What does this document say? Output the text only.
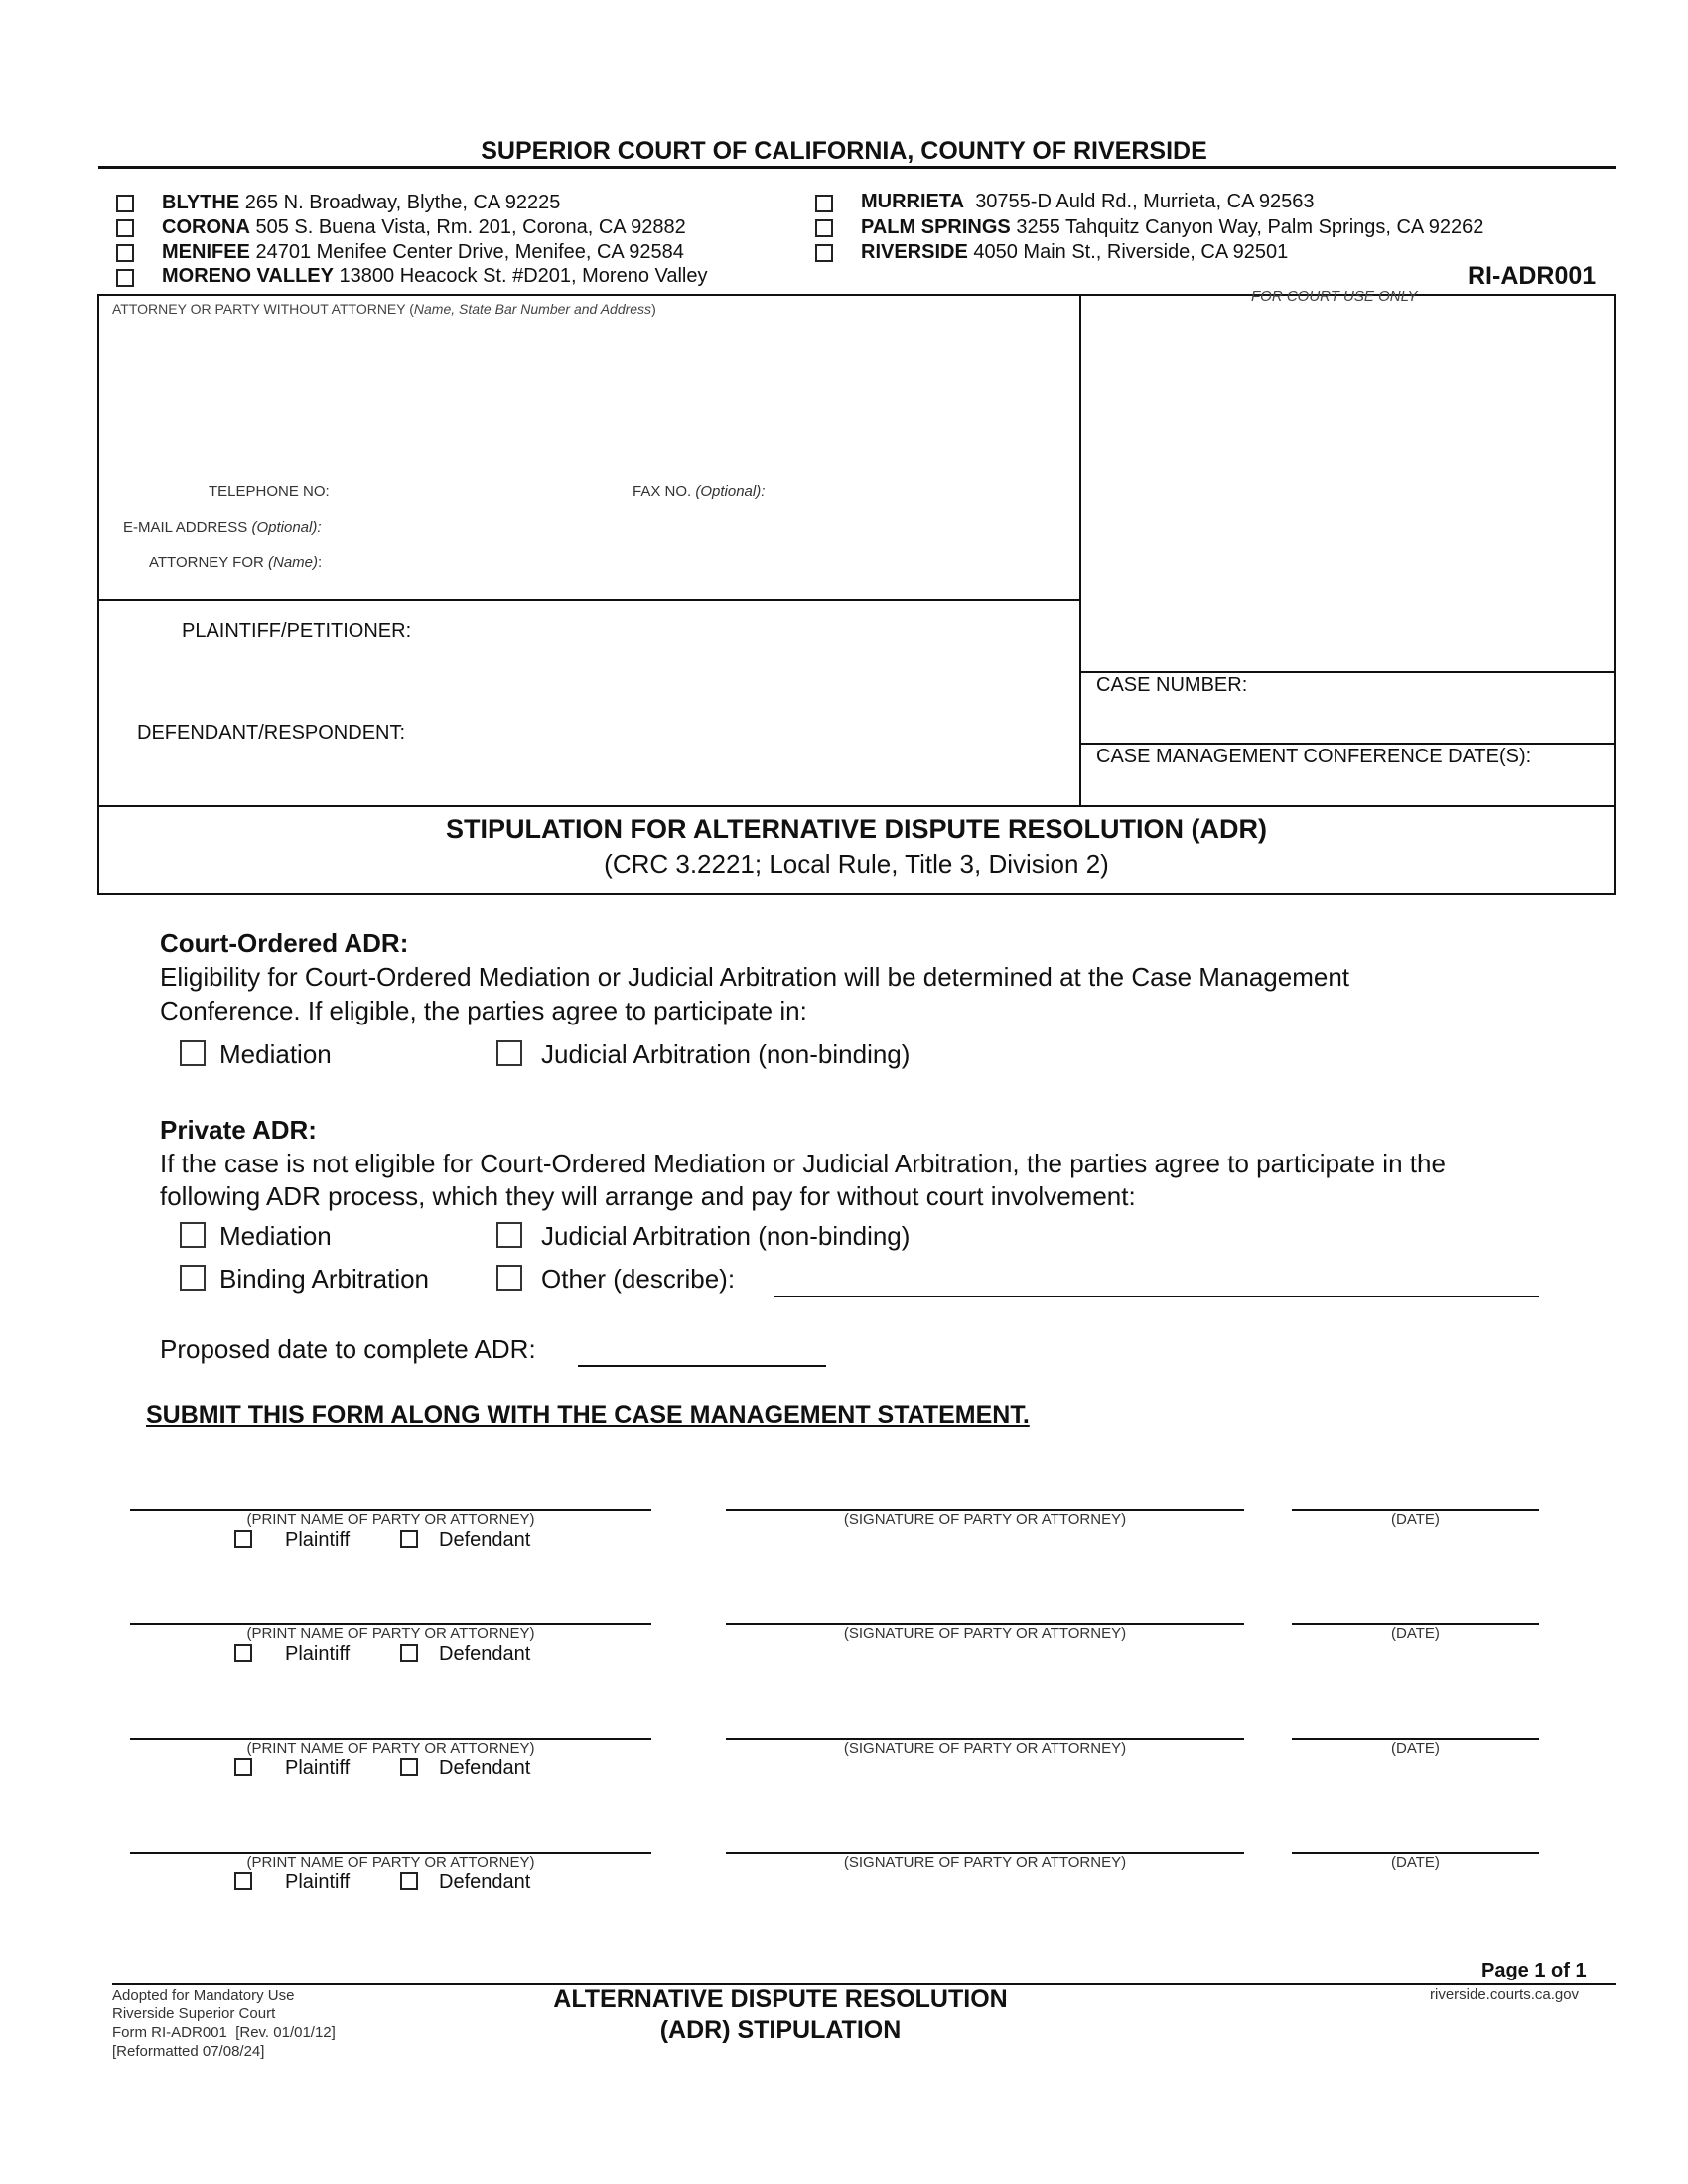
SUPERIOR COURT OF CALIFORNIA, COUNTY OF RIVERSIDE
BLYTHE 265 N. Broadway, Blythe, CA 92225
CORONA 505 S. Buena Vista, Rm. 201, Corona, CA 92882
MENIFEE 24701 Menifee Center Drive, Menifee, CA 92584
MORENO VALLEY 13800 Heacock St. #D201, Moreno Valley
MURRIETA 30755-D Auld Rd., Murrieta, CA 92563
PALM SPRINGS 3255 Tahquitz Canyon Way, Palm Springs, CA 92262
RIVERSIDE 4050 Main St., Riverside, CA 92501
RI-ADR001
ATTORNEY OR PARTY WITHOUT ATTORNEY (Name, State Bar Number and Address)
TELEPHONE NO:	FAX NO. (Optional):
E-MAIL ADDRESS (Optional):
ATTORNEY FOR (Name):
FOR COURT USE ONLY
PLAINTIFF/PETITIONER:
DEFENDANT/RESPONDENT:
CASE NUMBER:
CASE MANAGEMENT CONFERENCE DATE(S):
STIPULATION FOR ALTERNATIVE DISPUTE RESOLUTION (ADR)
(CRC 3.2221; Local Rule, Title 3, Division 2)
Court-Ordered ADR:
Eligibility for Court-Ordered Mediation or Judicial Arbitration will be determined at the Case Management
Conference. If eligible, the parties agree to participate in:
Mediation	Judicial Arbitration (non-binding)
Private ADR:
If the case is not eligible for Court-Ordered Mediation or Judicial Arbitration, the parties agree to participate in the
following ADR process, which they will arrange and pay for without court involvement:
Mediation	Judicial Arbitration (non-binding)
Binding Arbitration	Other (describe):
Proposed date to complete ADR:
SUBMIT THIS FORM ALONG WITH THE CASE MANAGEMENT STATEMENT.
(PRINT NAME OF PARTY OR ATTORNEY)	(SIGNATURE OF PARTY OR ATTORNEY)	(DATE)
Plaintiff	Defendant
(PRINT NAME OF PARTY OR ATTORNEY)	(SIGNATURE OF PARTY OR ATTORNEY)	(DATE)
Plaintiff	Defendant
(PRINT NAME OF PARTY OR ATTORNEY)	(SIGNATURE OF PARTY OR ATTORNEY)	(DATE)
Plaintiff	Defendant
(PRINT NAME OF PARTY OR ATTORNEY)	(SIGNATURE OF PARTY OR ATTORNEY)	(DATE)
Plaintiff	Defendant
Page 1 of 1
Adopted for Mandatory Use
Riverside Superior Court
Form RI-ADR001  [Rev. 01/01/12]
[Reformatted 07/08/24]
ALTERNATIVE DISPUTE RESOLUTION
(ADR) STIPULATION
riverside.courts.ca.gov
